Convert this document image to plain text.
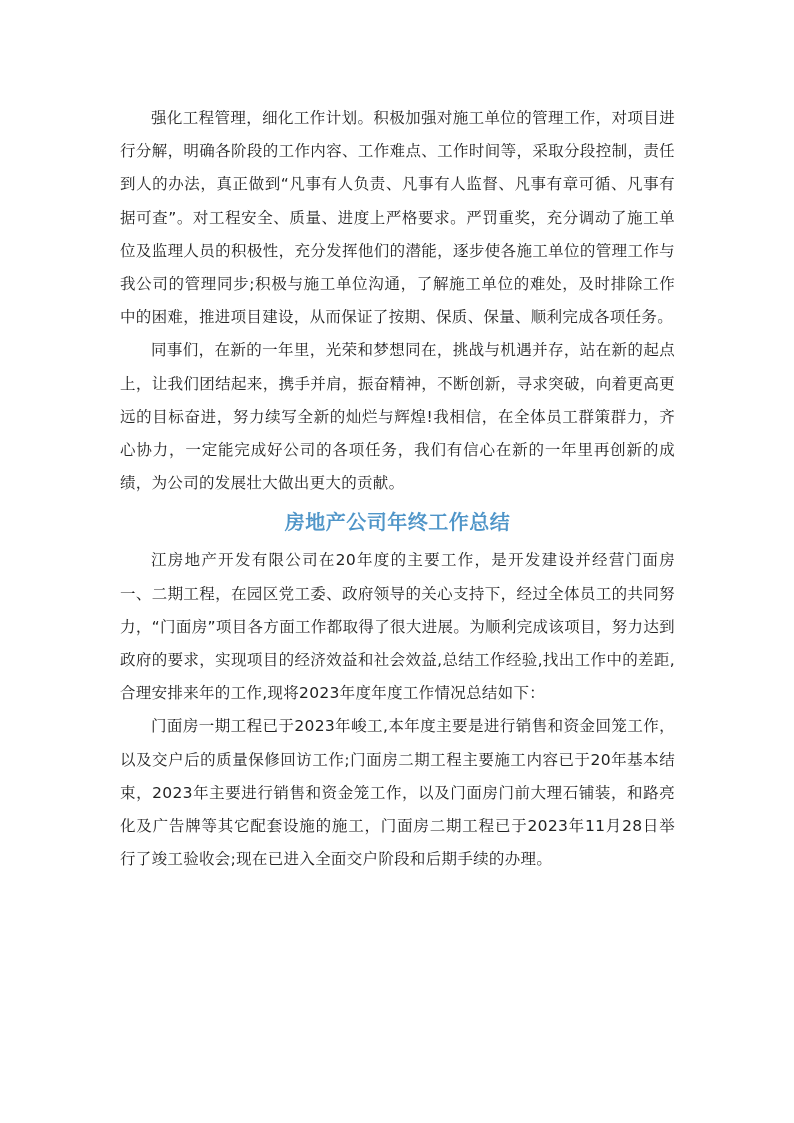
强化工程管理，细化工作计划。积极加强对施工单位的管理工作，对项目进行分解，明确各阶段的工作内容、工作难点、工作时间等，采取分段控制，责任到人的办法，真正做到“凡事有人负责、凡事有人监督、凡事有章可循、凡事有据可查”。对工程安全、质量、进度上严格要求。严罚重奖，充分调动了施工单位及监理人员的积极性，充分发挥他们的潜能，逐步使各施工单位的管理工作与我公司的管理同步;积极与施工单位沟通，了解施工单位的难处，及时排除工作中的困难，推进项目建设，从而保证了按期、保质、保量、顺利完成各项任务。

同事们，在新的一年里，光荣和梦想同在，挑战与机遇并存，站在新的起点上，让我们团结起来，携手并肩，振奋精神，不断创新，寻求突破，向着更高更远的目标奋进，努力续写全新的灿烂与辉煌!我相信，在全体员工群策群力，齐心协力，一定能完成好公司的各项任务，我们有信心在新的一年里再创新的成绩，为公司的发展壮大做出更大的贡献。

房地产公司年终工作总结

江房地产开发有限公司在20年度的主要工作，是开发建设并经营门面房一、二期工程，在园区党工委、政府领导的关心支持下，经过全体员工的共同努力，“门面房”项目各方面工作都取得了很大进展。为顺利完成该项目，努力达到政府的要求，实现项目的经济效益和社会效益,总结工作经验,找出工作中的差距,合理安排来年的工作,现将2023年度年度工作情况总结如下：

门面房一期工程已于2023年峻工,本年度主要是进行销售和资金回笼工作，以及交户后的质量保修回访工作;门面房二期工程主要施工内容已于20年基本结束，2023年主要进行销售和资金笼工作，以及门面房门前大理石铺装，和路亮化及广告牌等其它配套设施的施工，门面房二期工程已于2023年11月28日举行了竣工验收会;现在已进入全面交户阶段和后期手续的办理。
